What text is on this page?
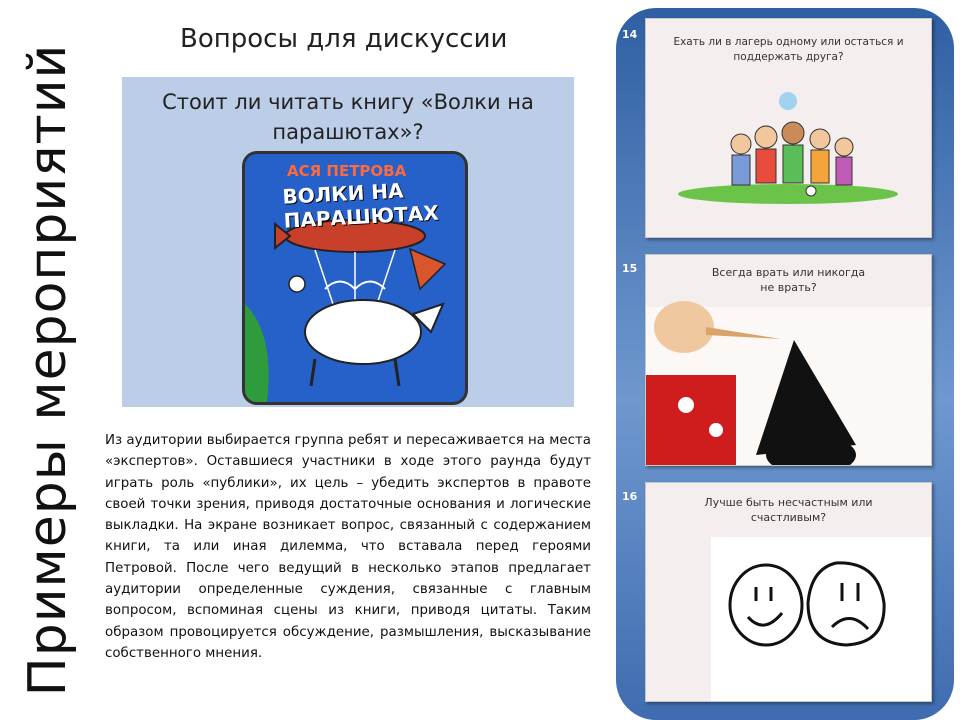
Примеры мероприятий
Вопросы для дискуссии
Стоит ли читать книгу «Волки на
парашютах»?
АСЯ ПЕТРОВА
ВОЛКИ НА ПАРАШЮТАХ
Из аудитории выбирается группа ребят и пересаживается на места «экспертов». Оставшиеся участники в ходе этого раунда будут играть роль «публики», их цель – убедить экспертов в правоте своей точки зрения, приводя достаточные основания и логические выкладки. На экране возникает вопрос, связанный с содержанием книги, та или иная дилемма, что вставала перед героями Петровой. После чего ведущий в несколько этапов предлагает аудитории определенные суждения, связанные с главным вопросом, вспоминая сцены из книги, приводя цитаты. Таким образом провоцируется обсуждение, размышления, высказывание собственного мнения.
14
Ехать ли в лагерь одному или остаться и
поддержать друга?
15	Всегда врать или никогда
не врать?
16	Лучше быть несчастным или
счастливым?
